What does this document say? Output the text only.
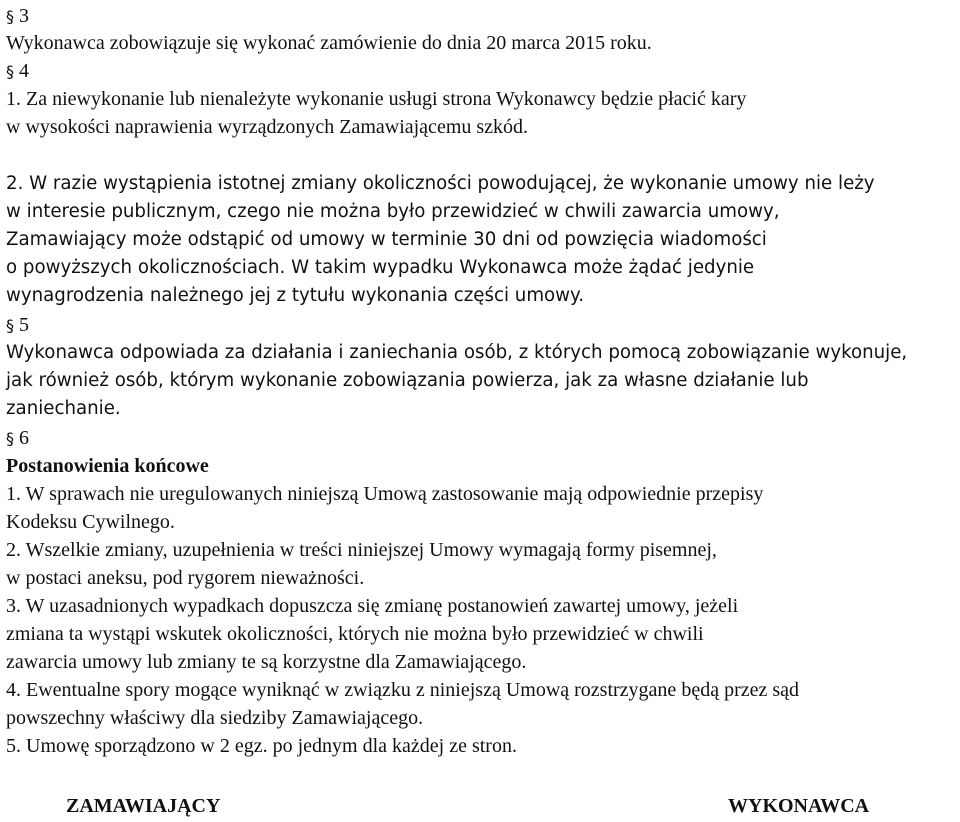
§ 3
Wykonawca zobowiązuje się wykonać zamówienie do dnia 20 marca 2015 roku.
§ 4
1. Za niewykonanie lub nienależyte wykonanie usługi strona Wykonawcy będzie płacić kary
w wysokości naprawienia wyrządzonych Zamawiającemu szkód.
2. W razie wystąpienia istotnej zmiany okoliczności powodującej, że wykonanie umowy nie leży
w interesie publicznym, czego nie można było przewidzieć w chwili zawarcia umowy,
Zamawiający może odstąpić od umowy w terminie 30 dni od powzięcia wiadomości
o powyższych okolicznościach. W takim wypadku Wykonawca może żądać jedynie
wynagrodzenia należnego jej z tytułu wykonania części umowy.
§ 5
Wykonawca odpowiada za działania i zaniechania osób, z których pomocą zobowiązanie wykonuje,
jak również osób, którym wykonanie zobowiązania powierza, jak za własne działanie lub
zaniechanie.
§ 6
Postanowienia końcowe
1. W sprawach nie uregulowanych niniejszą Umową zastosowanie mają odpowiednie przepisy
Kodeksu Cywilnego.
2. Wszelkie zmiany, uzupełnienia w treści niniejszej Umowy wymagają formy pisemnej,
w postaci aneksu, pod rygorem nieważności.
3. W uzasadnionych wypadkach dopuszcza się zmianę postanowień zawartej umowy, jeżeli
zmiana ta wystąpi wskutek okoliczności, których nie można było przewidzieć w chwili
zawarcia umowy lub zmiany te są korzystne dla Zamawiającego.
4. Ewentualne spory mogące wyniknąć w związku z niniejszą Umową rozstrzygane będą przez sąd
powszechny właściwy dla siedziby Zamawiającego.
5. Umowę sporządzono w 2 egz. po jednym dla każdej ze stron.
ZAMAWIAJĄCY	WYKONAWCA
